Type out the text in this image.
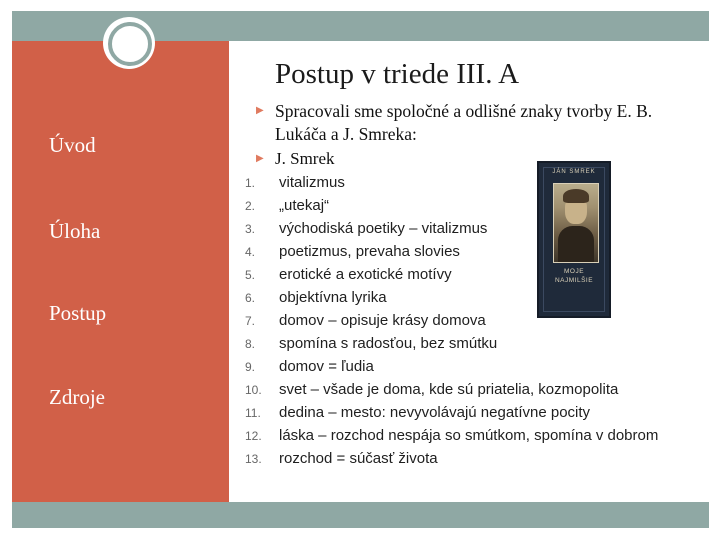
Úvod
Úloha
Postup
Zdroje
Postup v triede III. A
▶ Spracovali sme spoločné a odlišné znaky tvorby E. B. Lukáča a J. Smreka:
▶ J. Smrek
1. vitalizmus
2. „utekaj“
3. východiská poetiky – vitalizmus
4. poetizmus, prevaha slovies
5. erotické a exotické motívy
6. objektívna lyrika
7. domov – opisuje krásy domova
8. spomína s radosťou, bez smútku
9. domov = ľudia
10. svet – všade je doma, kde sú priatelia, kozmopolita
11. dedina – mesto: nevyvolávajú negatívne pocity
12. láska – rozchod nespája so smútkom, spomína v dobrom
13. rozchod = súčasť života
JÁN SMREK
MOJE
NAJMILŠIE
